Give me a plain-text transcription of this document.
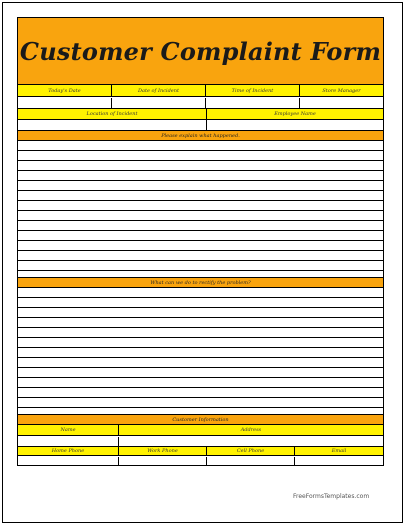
Customer Complaint Form
Today's Date	Date of Incident	Time of Incident	Store Manager
Location of Incident	Employee Name
Please explain what happened.
What can we do to rectify the problem?
Customer Information
Name	Address
Home Phone	Work Phone	Cell Phone	Email
FreeFormsTemplates.com
